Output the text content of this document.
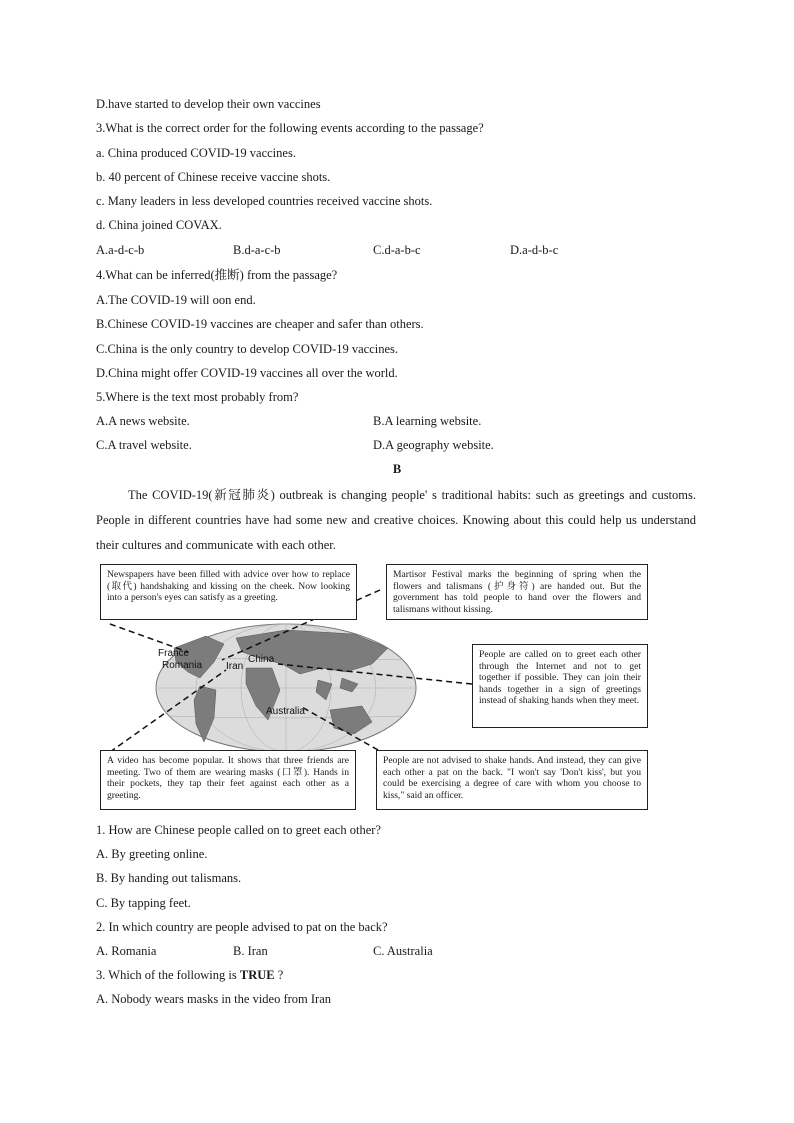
D.have started to develop their own vaccines
3.What is the correct order for the following events according to the passage?
a. China produced COVID-19 vaccines.
b. 40 percent of Chinese receive vaccine shots.
c. Many leaders in less developed countries received vaccine shots.
d. China joined COVAX.
A.a-d-c-b	B.d-a-c-b	C.d-a-b-c	D.a-d-b-c
4.What can be inferred(推断) from the passage?
A.The COVID-19 will oon end.
B.Chinese COVID-19 vaccines are cheaper and safer than others.
C.China is the only country to develop COVID-19 vaccines.
D.China might offer COVID-19 vaccines all over the world.
5.Where is the text most probably from?
A.A news website.	B.A learning website.
C.A travel website.	D.A geography website.
B
The COVID-19(新冠肺炎) outbreak is changing people' s traditional habits: such as greetings and customs. People in different countries have had some new and creative choices. Knowing about this could help us understand their cultures and communicate with each other.
France
Romania Iran
China
Australia
Newspapers have been filled with advice over how to replace (取代) handshaking and kissing on the cheek. Now looking into a person's eyes can satisfy as a greeting.
Martisor Festival marks the beginning of spring when the flowers and talismans (护身符) are handed out. But the government has told people to hand over the flowers and talismans without kissing.
People are called on to greet each other through the Internet and not to get together if possible. They can join their hands together in a sign of greetings instead of shaking hands when they meet.
A video has become popular. It shows that three friends are meeting. Two of them are wearing masks (口罩). Hands in their pockets, they tap their feet against each other as a greeting.
People are not advised to shake hands. And instead, they can give each other a pat on the back. "I won't say 'Don't kiss', but you could be exercising a degree of care with whom you choose to kiss," said an officer.
1. How are Chinese people called on to greet each other?
A. By greeting online.
B. By handing out talismans.
C. By tapping feet.
2. In which country are people advised to pat on the back?
A. Romania	B. Iran	C. Australia
3. Which of the following is TRUE ?
A. Nobody wears masks in the video from Iran
